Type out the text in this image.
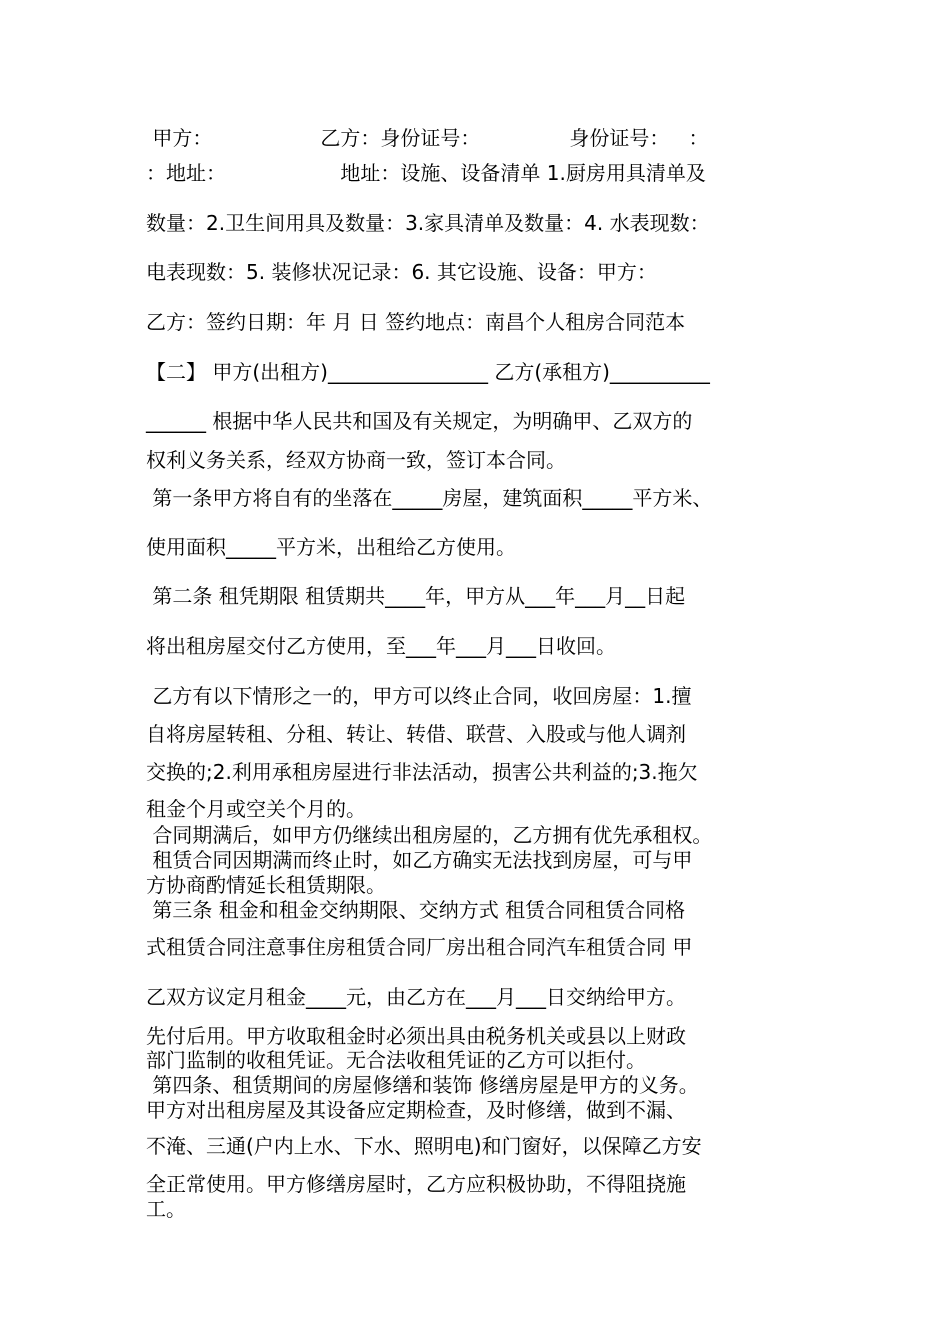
甲方：                 乙方：身份证号：              身份证号：   ：

：地址：                  地址：设施、设备清单 1.厨房用具清单及

数量：2.卫生间用具及数量：3.家具清单及数量：4. 水表现数：

电表现数：5. 装修状况记录：6. 其它设施、设备：甲方：

乙方：签约日期：年 月 日 签约地点：南昌个人租房合同范本

【二】 甲方(出租方)________________ 乙方(承租方)__________

______ 根据中华人民共和国及有关规定，为明确甲、乙双方的

权利义务关系，经双方协商一致，签订本合同。

第一条甲方将自有的坐落在_____房屋，建筑面积_____平方米、

使用面积_____平方米，出租给乙方使用。

第二条 租凭期限 租赁期共____年，甲方从___年___月__日起

将出租房屋交付乙方使用，至___年___月___日收回。

乙方有以下情形之一的，甲方可以终止合同，收回房屋：1.擅

自将房屋转租、分租、转让、转借、联营、入股或与他人调剂

交换的;2.利用承租房屋进行非法活动，损害公共利益的;3.拖欠

租金个月或空关个月的。

合同期满后，如甲方仍继续出租房屋的，乙方拥有优先承租权。

租赁合同因期满而终止时，如乙方确实无法找到房屋，可与甲

方协商酌情延长租赁期限。

第三条 租金和租金交纳期限、交纳方式 租赁合同租赁合同格

式租赁合同注意事住房租赁合同厂房出租合同汽车租赁合同 甲

乙双方议定月租金____元，由乙方在___月___日交纳给甲方。

先付后用。甲方收取租金时必须出具由税务机关或县以上财政

部门监制的收租凭证。无合法收租凭证的乙方可以拒付。

第四条、租赁期间的房屋修缮和装饰 修缮房屋是甲方的义务。

甲方对出租房屋及其设备应定期检查，及时修缮，做到不漏、

不淹、三通(户内上水、下水、照明电)和门窗好，以保障乙方安

全正常使用。甲方修缮房屋时，乙方应积极协助，不得阻挠施

工。
